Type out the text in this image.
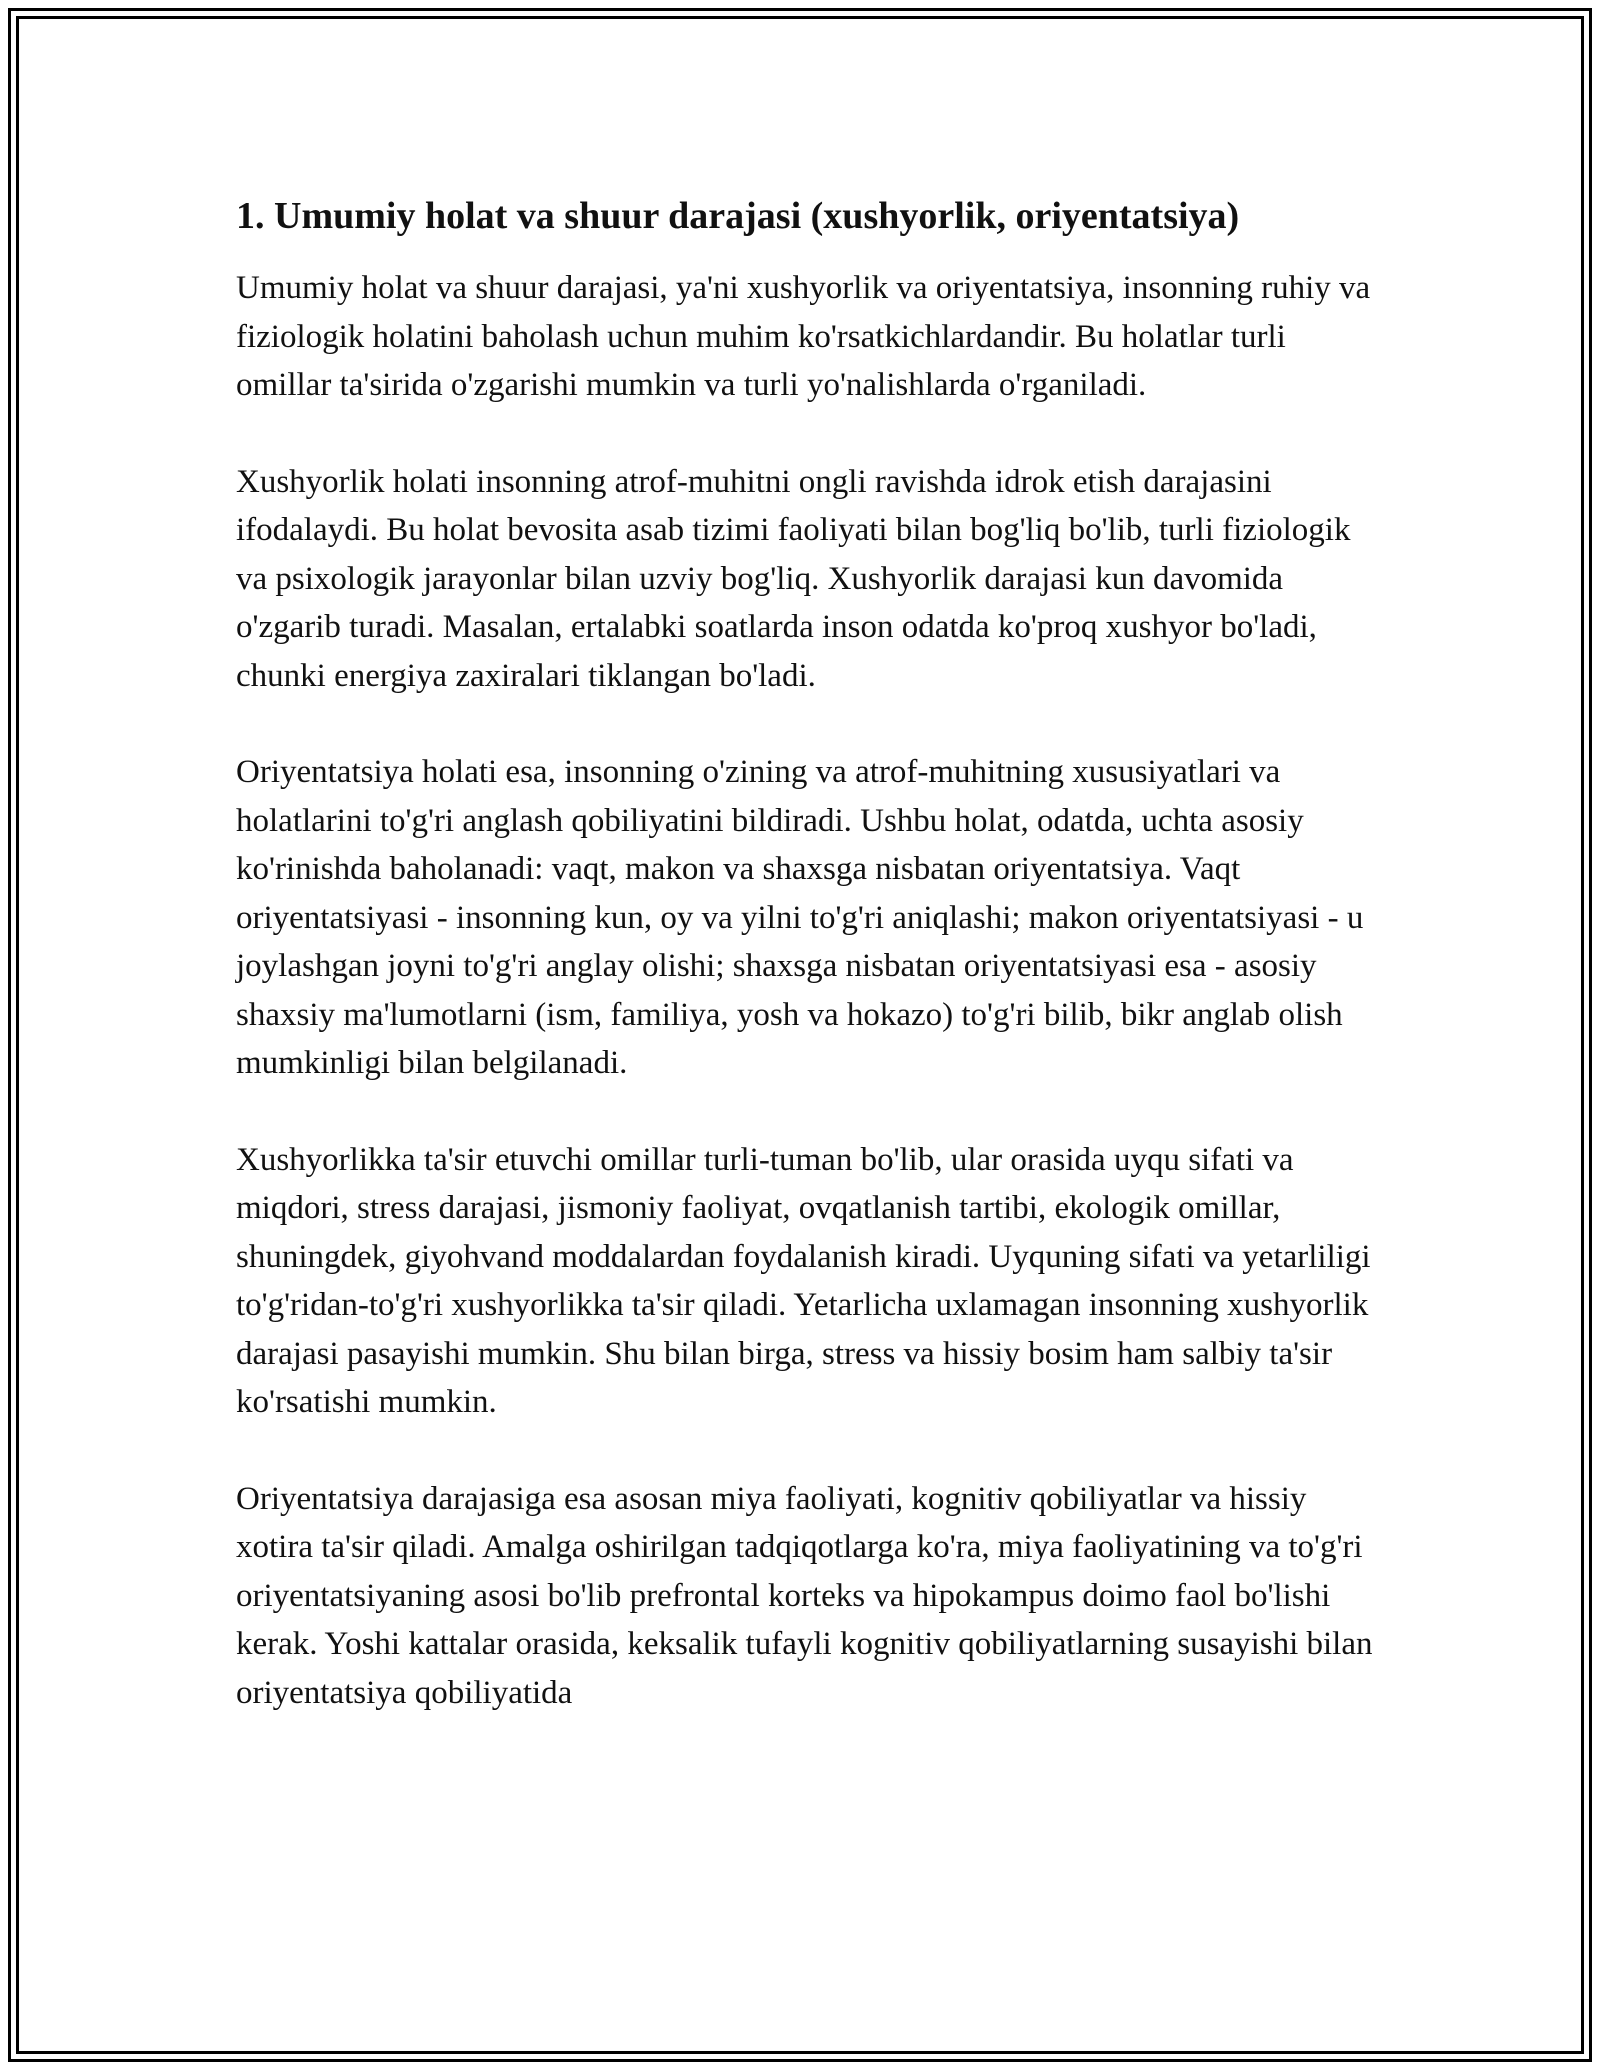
1. Umumiy holat va shuur darajasi (xushyorlik, oriyentatsiya)

Umumiy holat va shuur darajasi, ya'ni xushyorlik va oriyentatsiya, insonning ruhiy va fiziologik holatini baholash uchun muhim ko'rsatkichlardandir. Bu holatlar turli omillar ta'sirida o'zgarishi mumkin va turli yo'nalishlarda o'rganiladi.

Xushyorlik holati insonning atrof-muhitni ongli ravishda idrok etish darajasini ifodalaydi. Bu holat bevosita asab tizimi faoliyati bilan bog'liq bo'lib, turli fiziologik va psixologik jarayonlar bilan uzviy bog'liq. Xushyorlik darajasi kun davomida o'zgarib turadi. Masalan, ertalabki soatlarda inson odatda ko'proq xushyor bo'ladi, chunki energiya zaxiralari tiklangan bo'ladi.

Oriyentatsiya holati esa, insonning o'zining va atrof-muhitning xususiyatlari va holatlarini to'g'ri anglash qobiliyatini bildiradi. Ushbu holat, odatda, uchta asosiy ko'rinishda baholanadi: vaqt, makon va shaxsga nisbatan oriyentatsiya. Vaqt oriyentatsiyasi - insonning kun, oy va yilni to'g'ri aniqlashi; makon oriyentatsiyasi - u joylashgan joyni to'g'ri anglay olishi; shaxsga nisbatan oriyentatsiyasi esa - asosiy shaxsiy ma'lumotlarni (ism, familiya, yosh va hokazo) to'g'ri bilib, bikr anglab olish mumkinligi bilan belgilanadi.

Xushyorlikka ta'sir etuvchi omillar turli-tuman bo'lib, ular orasida uyqu sifati va miqdori, stress darajasi, jismoniy faoliyat, ovqatlanish tartibi, ekologik omillar, shuningdek, giyohvand moddalardan foydalanish kiradi. Uyquning sifati va yetarliligi to'g'ridan-to'g'ri xushyorlikka ta'sir qiladi. Yetarlicha uxlamagan insonning xushyorlik darajasi pasayishi mumkin. Shu bilan birga, stress va hissiy bosim ham salbiy ta'sir ko'rsatishi mumkin.

Oriyentatsiya darajasiga esa asosan miya faoliyati, kognitiv qobiliyatlar va hissiy xotira ta'sir qiladi. Amalga oshirilgan tadqiqotlarga ko'ra, miya faoliyatining va to'g'ri oriyentatsiyaning asosi bo'lib prefrontal korteks va hipokampus doimo faol bo'lishi kerak. Yoshi kattalar orasida, keksalik tufayli kognitiv qobiliyatlarning susayishi bilan oriyentatsiya qobiliyatida
